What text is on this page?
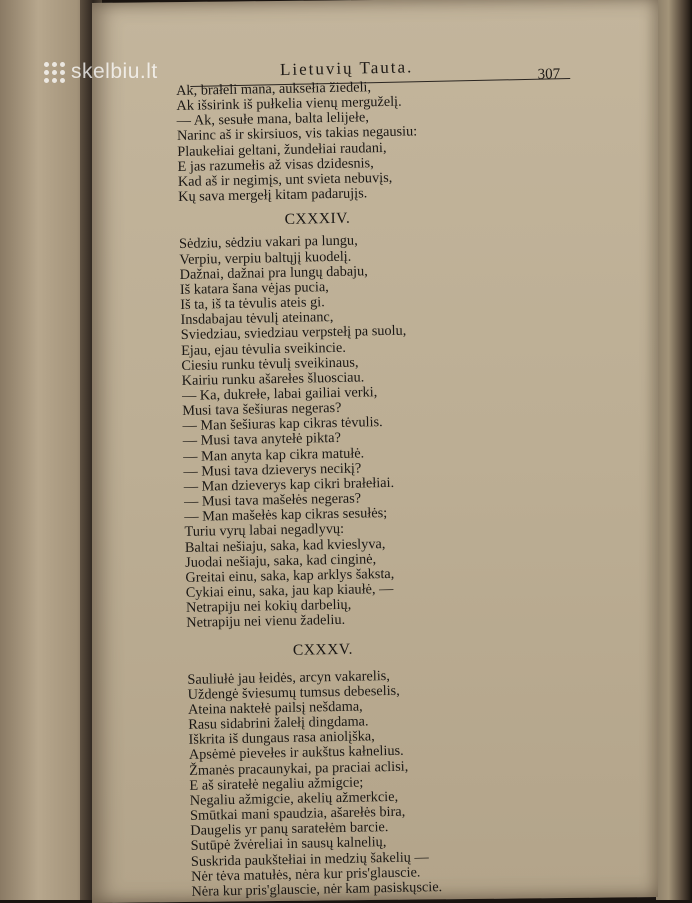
skelbiu.lt	Lietuvių Tauta.	307
Ak, brałeli mana, auksełia žiedeli,
Ak išsirink iš pułkelia vienų merguželį.
— Ak, sesułe mana, balta lelijełe,
Narinc aš ir skirsiuos, vis takias negausiu:
Plaukełiai geltani, žundełiai raudani,
E jas razumełis až visas dzidesnis,
Kad aš ir negimįs, unt svieta nebuvįs,
Kų sava mergełį kitam padarujįs.
CXXXIV.
Sėdziu, sėdziu vakari pa lungu,
Verpiu, verpiu baltųjį kuodelį.
Dažnai, dažnai pra lungų dabaju,
Iš katara šana vėjas pucia,
Iš ta, iš ta tėvulis ateis gi.
Insdabajau tėvulį ateinanc,
Sviedziau, sviedziau verpstełį pa suolu,
Ejau, ejau tėvulia sveikincie.
Ciesiu runku tėvulį sveikinaus,
Kairiu runku ašarełes šluosciau.
— Ka, dukrełe, labai gailiai verki,
Musi tava šešiuras negeras?
— Man šešiuras kap cikras tėvulis.
— Musi tava anytełė pikta?
— Man anyta kap cikra matułė.
— Musi tava dzieverys necikį?
— Man dzieverys kap cikri brałełiai.
— Musi tava mašełės negeras?
— Man mašełės kap cikras sesułės;
Turiu vyrų labai negadlyvų:
Baltai nešiaju, saka, kad kvieslyva,
Juodai nešiaju, saka, kad cinginė,
Greitai einu, saka, kap arklys šaksta,
Cykiai einu, saka, jau kap kiaułė, —
Netrapiju nei kokių darbelių,
Netrapiju nei vienu žadeliu.
CXXXV.
Sauliułė jau łeidės, arcyn vakarelis,
Uždengė šviesumų tumsus debeselis,
Ateina naktełė pailsį nešdama,
Rasu sidabrini žalełį dingdama.
Iškrita iš dungaus rasa aniolįška,
Apsėmė pievełes ir aukštus kałnelius.
Žmanės pracaunykai, pa praciai aclisi,
E aš siratełė negaliu ažmigcie;
Negaliu ažmigcie, akelių ažmerkcie,
Smūtkai mani spaudzia, ašarełės bira,
Daugelis yr panų saratełėm barcie.
Sutūpė žvėreliai in sausų kalnelių,
Suskrida paukštełiai in medzių šakelių —
Nėr tėva matułės, nėra kur pris'glauscie.
Nėra kur pris'glauscie, nėr kam pasiskųscie.
